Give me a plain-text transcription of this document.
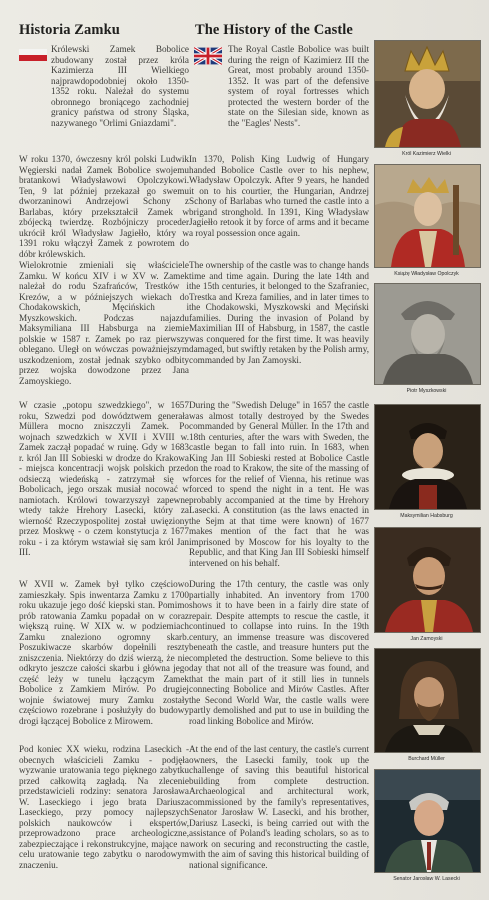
Historia Zamku

Królewski Zamek Bobolice zbudowany został przez króla Kazimierza III Wielkiego najprawdopodobniej około 1350-1352 roku. Należał do systemu obronnego broniącego zachodniej granicy państwa od strony Śląska, nazywanego "Orlimi Gniazdami".

W roku 1370, ówczesny król polski Ludwik Węgierski nadał Zamek Bobolice swojemu bratankowi Władysławowi Opolczykowi. Ten, 9 lat później przekazał go swemu dworzaninowi Andrzejowi Schony z Barlabas, który przekształcił Zamek w zbójecką twierdzę. Rozbójniczy proceder ukrócił król Władysław Jagiełło, który w 1391 roku włączył Zamek z powrotem do dóbr królewskich.

Wielokrotnie zmieniali się właściciele Zamku. W końcu XIV i w XV w. Zamek należał do rodu Szafrańców, Trestków i Krezów, a w późniejszych wiekach do Chodakowskich, Męcińskich i Myszkowskich. Podczas najazdu Maksymiliana III Habsburga na ziemie polskie w 1587 r. Zamek po raz pierwszy oblegano. Uległ on wówczas poważniejszym uszkodzeniom, został jednak szybko odbity przez wojska dowodzone przez Jana Zamoyskiego.

W czasie „potopu szwedzkiego", w 1657 roku, Szwedzi pod dowództwem generała Müllera mocno zniszczyli Zamek. Po wojnach szwedzkich w XVII i XVIII w. Zamek zaczął popadać w ruinę. Gdy w 1683 r. król Jan III Sobieski w drodze do Krakowa - miejsca koncentracji wojsk polskich przed odsieczą wiedeńską - zatrzymał się w Bobolicach, jego orszak musiał nocować w namiotach. Królowi towarzyszył zapewne wtedy także Hrehory Lasecki, który za wierność Rzeczypospolitej został uwięziony przez Moskwę - o czem konstytucja z 1677 roku - i za którym wstawiał się sam król Jan III.

W XVII w. Zamek był tylko częściowo zamieszkały. Spis inwentarza Zamku z 1700 roku ukazuje jego dość kiepski stan. Pomimo prób ratowania Zamku popadał on w coraz większą ruinę. W XIX w. w podziemiach Zamku znaleziono ogromny skarb. Poszukiwacze skarbów dopełnili reszty zniszczenia. Niektórzy do dziś wierzą, że nie odkryto jeszcze całości skarbu i główna jego część leży w tunelu łączącym Zamek Bobolice z Zamkiem Mirów. Po drugiej wojnie światowej mury Zamku zostały częściowo rozebrane i posłużyły do budowy drogi łączącej Bobolice z Mirowem.

Pod koniec XX wieku, rodzina Laseckich - obecnych właścicieli Zamku - podjęła wyzwanie uratowania tego pięknego zabytku przed całkowitą zagładą. Na zlecenie przedstawicieli rodziny: senatora Jarosława W. Laseckiego i jego brata Dariusza Laseckiego, przy pomocy najlepszych polskich naukowców i ekspertów, przeprowadzono prace archeologiczne, zabezpieczające i rekonstrukcyjne, mające na celu uratowanie tego zabytku o narodowym znaczeniu.

The History of the Castle

The Royal Castle Bobolice was built during the reign of Kazimierz III the Great, most probably around 1350-1352. It was part of the defensive system of royal fortresses which protected the western border of the state on the Silesian side, known as the "Eagles' Nests".

In 1370, Polish King Ludwig of Hungary handed Bobolice Castle over to his nephew, Władysław Opolczyk. After 9 years, he handed it on to his courtier, the Hungarian, Andrzej Schony of Barlabas who turned the castle into a brigand stronghold. In 1391, King Władysław Jagiełło retook it by force of arms and it became a royal possession once again.

The ownership of the castle was to change hands time and time again. During the late 14th and the 15th centuries, it belonged to the Szafraniec, Trestka and Kreza families, and in later times to the Chodakowski, Myszkowski and Męciński families. During the invasion of Poland by Maximilian III of Habsburg, in 1587, the castle was conquered for the first time. It was heavily damaged, but swiftly retaken by the Polish army, commanded by Jan Zamoyski.

During the "Swedish Deluge" in 1657 the castle was almost totally destroyed by the Swedes commanded by General Müller. In the 17th and 18th centuries, after the wars with Sweden, the castle began to fall into ruin. In 1683, when King Jan III Sobieski rested at Bobolice Castle on the road to Krakow, the site of the massing of forces for the relief of Vienna, his retinue was forced to spend the night in a tent. He was probably accompanied at the time by Hrehory Lasecki. A constitution (as the laws enacted in the Sejm at that time were known) of 1677 makes mention of the fact that he was imprisoned by Moscow for his loyalty to the Republic, and that King Jan III Sobieski himself intervened on his behalf.

During the 17th century, the castle was only partially inhabited. An inventory from 1700 shows it to have been in a fairly dire state of repair. Despite attempts to rescue the castle, it continued to collapse into ruins. In the 19th century, an immense treasure was discovered beneath the castle, and treasure hunters put the completed the destruction. Some believe to this day that not all of the treasure was found, and that the main part of it still lies in tunnels connecting Bobolice and Mirów Castles. After the Second World War, the castle walls were partly demolished and put to use in building the road linking Bobolice and Mirów.

At the end of the last century, the castle's current owners, the Lasecki family, took up the challenge of saving this beautiful historical building from complete destruction. Archaeological and architectural work, commissioned by the family's representatives, Senator Jarosław W. Lasecki, and his brother, Dariusz Lasecki, is being carried out with the assistance of Poland's leading scholars, so as to work on securing and reconstructing the castle, with the aim of saving this historical building of national significance.

Król Kazimierz Wielki
Książę Władysław Opolczyk
Piotr Myszkowski
Maksymilian Habsburg
Jan Zamoyski
Burchard Müller
Senator Jarosław W. Lasecki
